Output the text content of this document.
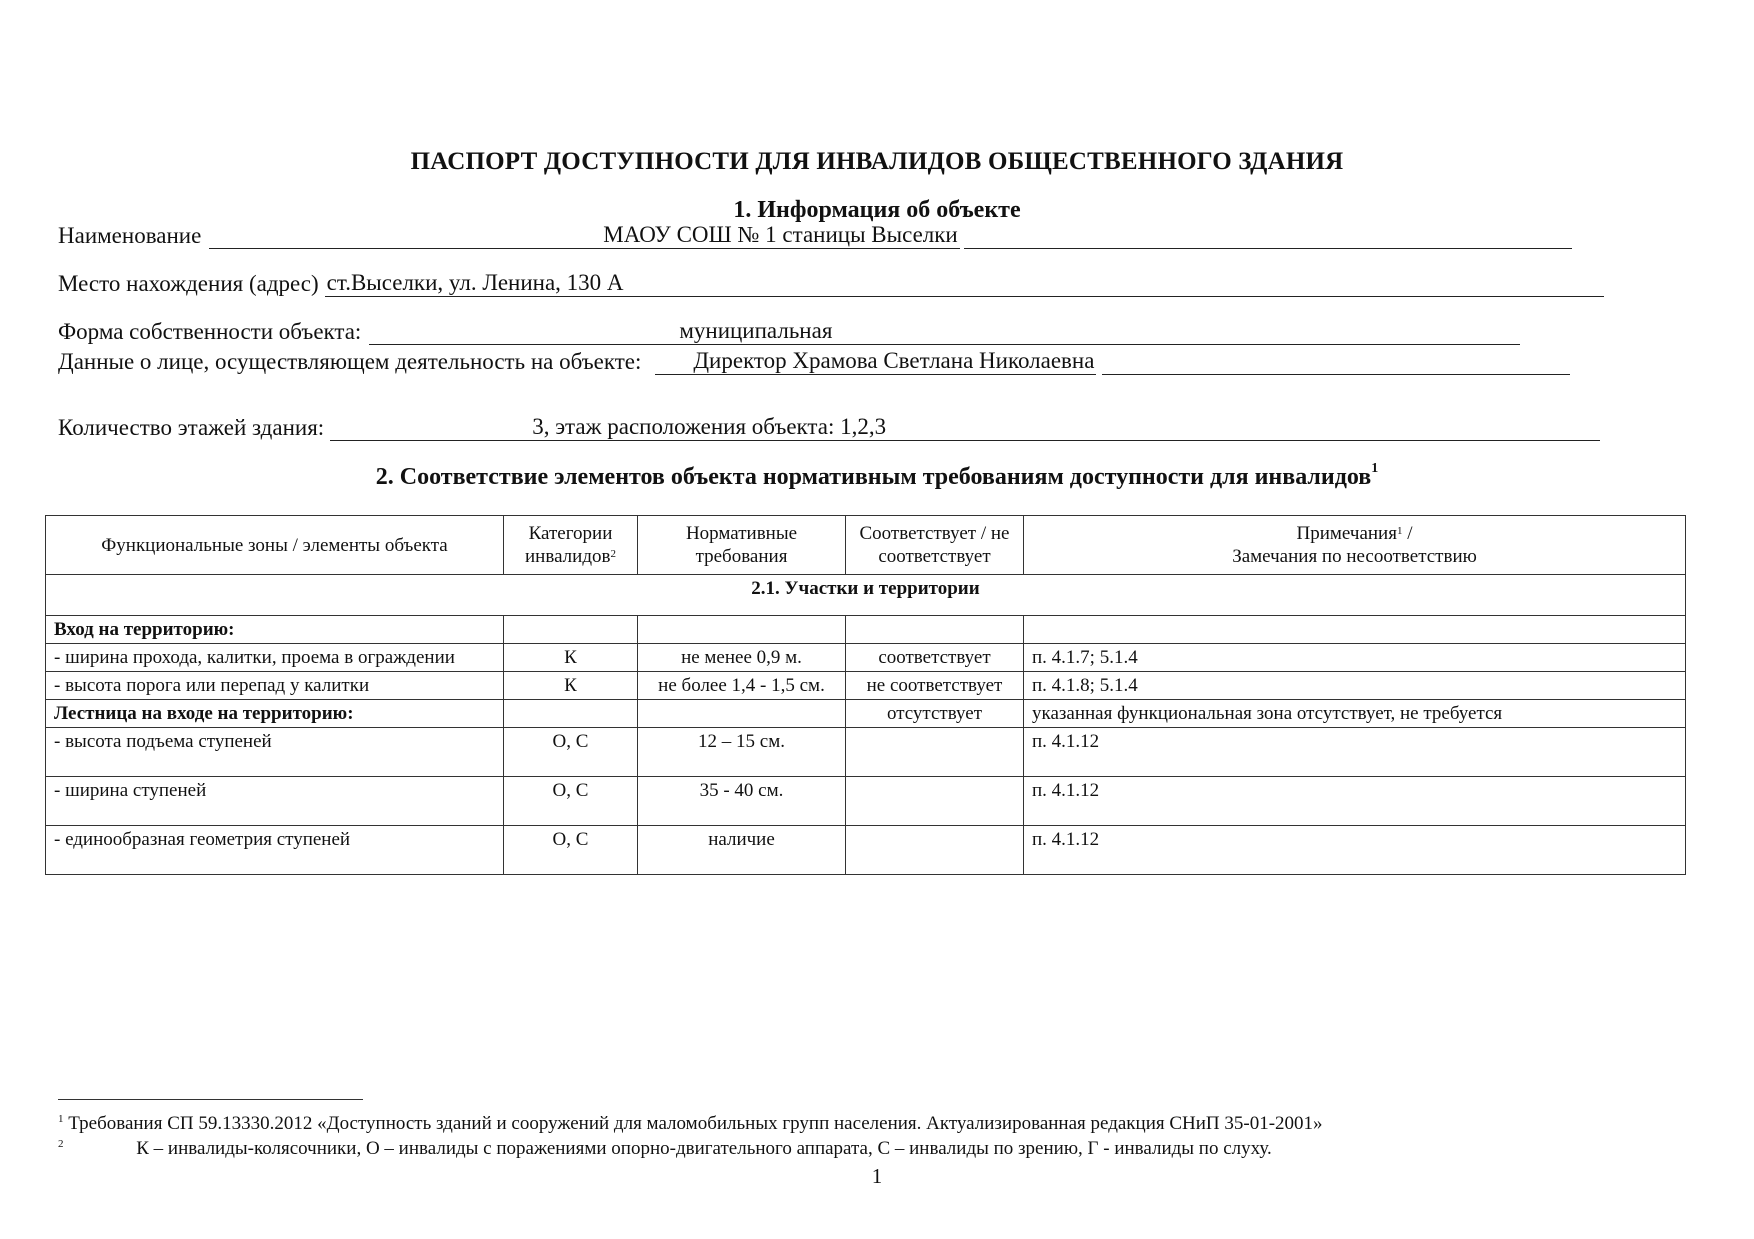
ПАСПОРТ ДОСТУПНОСТИ ДЛЯ ИНВАЛИДОВ ОБЩЕСТВЕННОГО ЗДАНИЯ
1. Информация об объекте
Наименование	МАОУ СОШ № 1 станицы Выселки
Место нахождения (адрес) ст.Выселки, ул. Ленина, 130 А
Форма собственности объекта:	муниципальная
Данные о лице, осуществляющем деятельность на объекте: Директор Храмова Светлана Николаевна
Количество этажей здания:	3, этаж расположения объекта: 1,2,3
2. Соответствие элементов объекта нормативным требованиям доступности для инвалидов$^1$
Функциональные зоны / элементы объекта	Категории инвалидов$^2$	Нормативные требования	Соответствует / не соответствует	Примечания$^1$ /
Замечания по несоответствию
2.1. Участки и территории				
Вход на территорию:				
- ширина прохода, калитки, проема в ограждении	К	не менее 0,9 м.	соответствует	п. 4.1.7; 5.1.4
- высота порога или перепад у калитки	К	не более 1,4 - 1,5 см.	не соответствует	п. 4.1.8; 5.1.4
Лестница на входе на территорию:			отсутствует	указанная функциональная зона отсутствует, не требуется
- высота подъема ступеней	О, С	12 – 15 см.		п. 4.1.12
- ширина ступеней	О, С	35 - 40 см.		п. 4.1.12
- единообразная геометрия ступеней	О, С	наличие		п. 4.1.12
$^1$ Требования СП 59.13330.2012 «Доступность зданий и сооружений для маломобильных групп населения. Актуализированная редакция СНиП 35-01-2001»
$^2$	К – инвалиды-колясочники, О – инвалиды с поражениями опорно-двигательного аппарата, С – инвалиды по зрению, Г - инвалиды по слуху.
1
